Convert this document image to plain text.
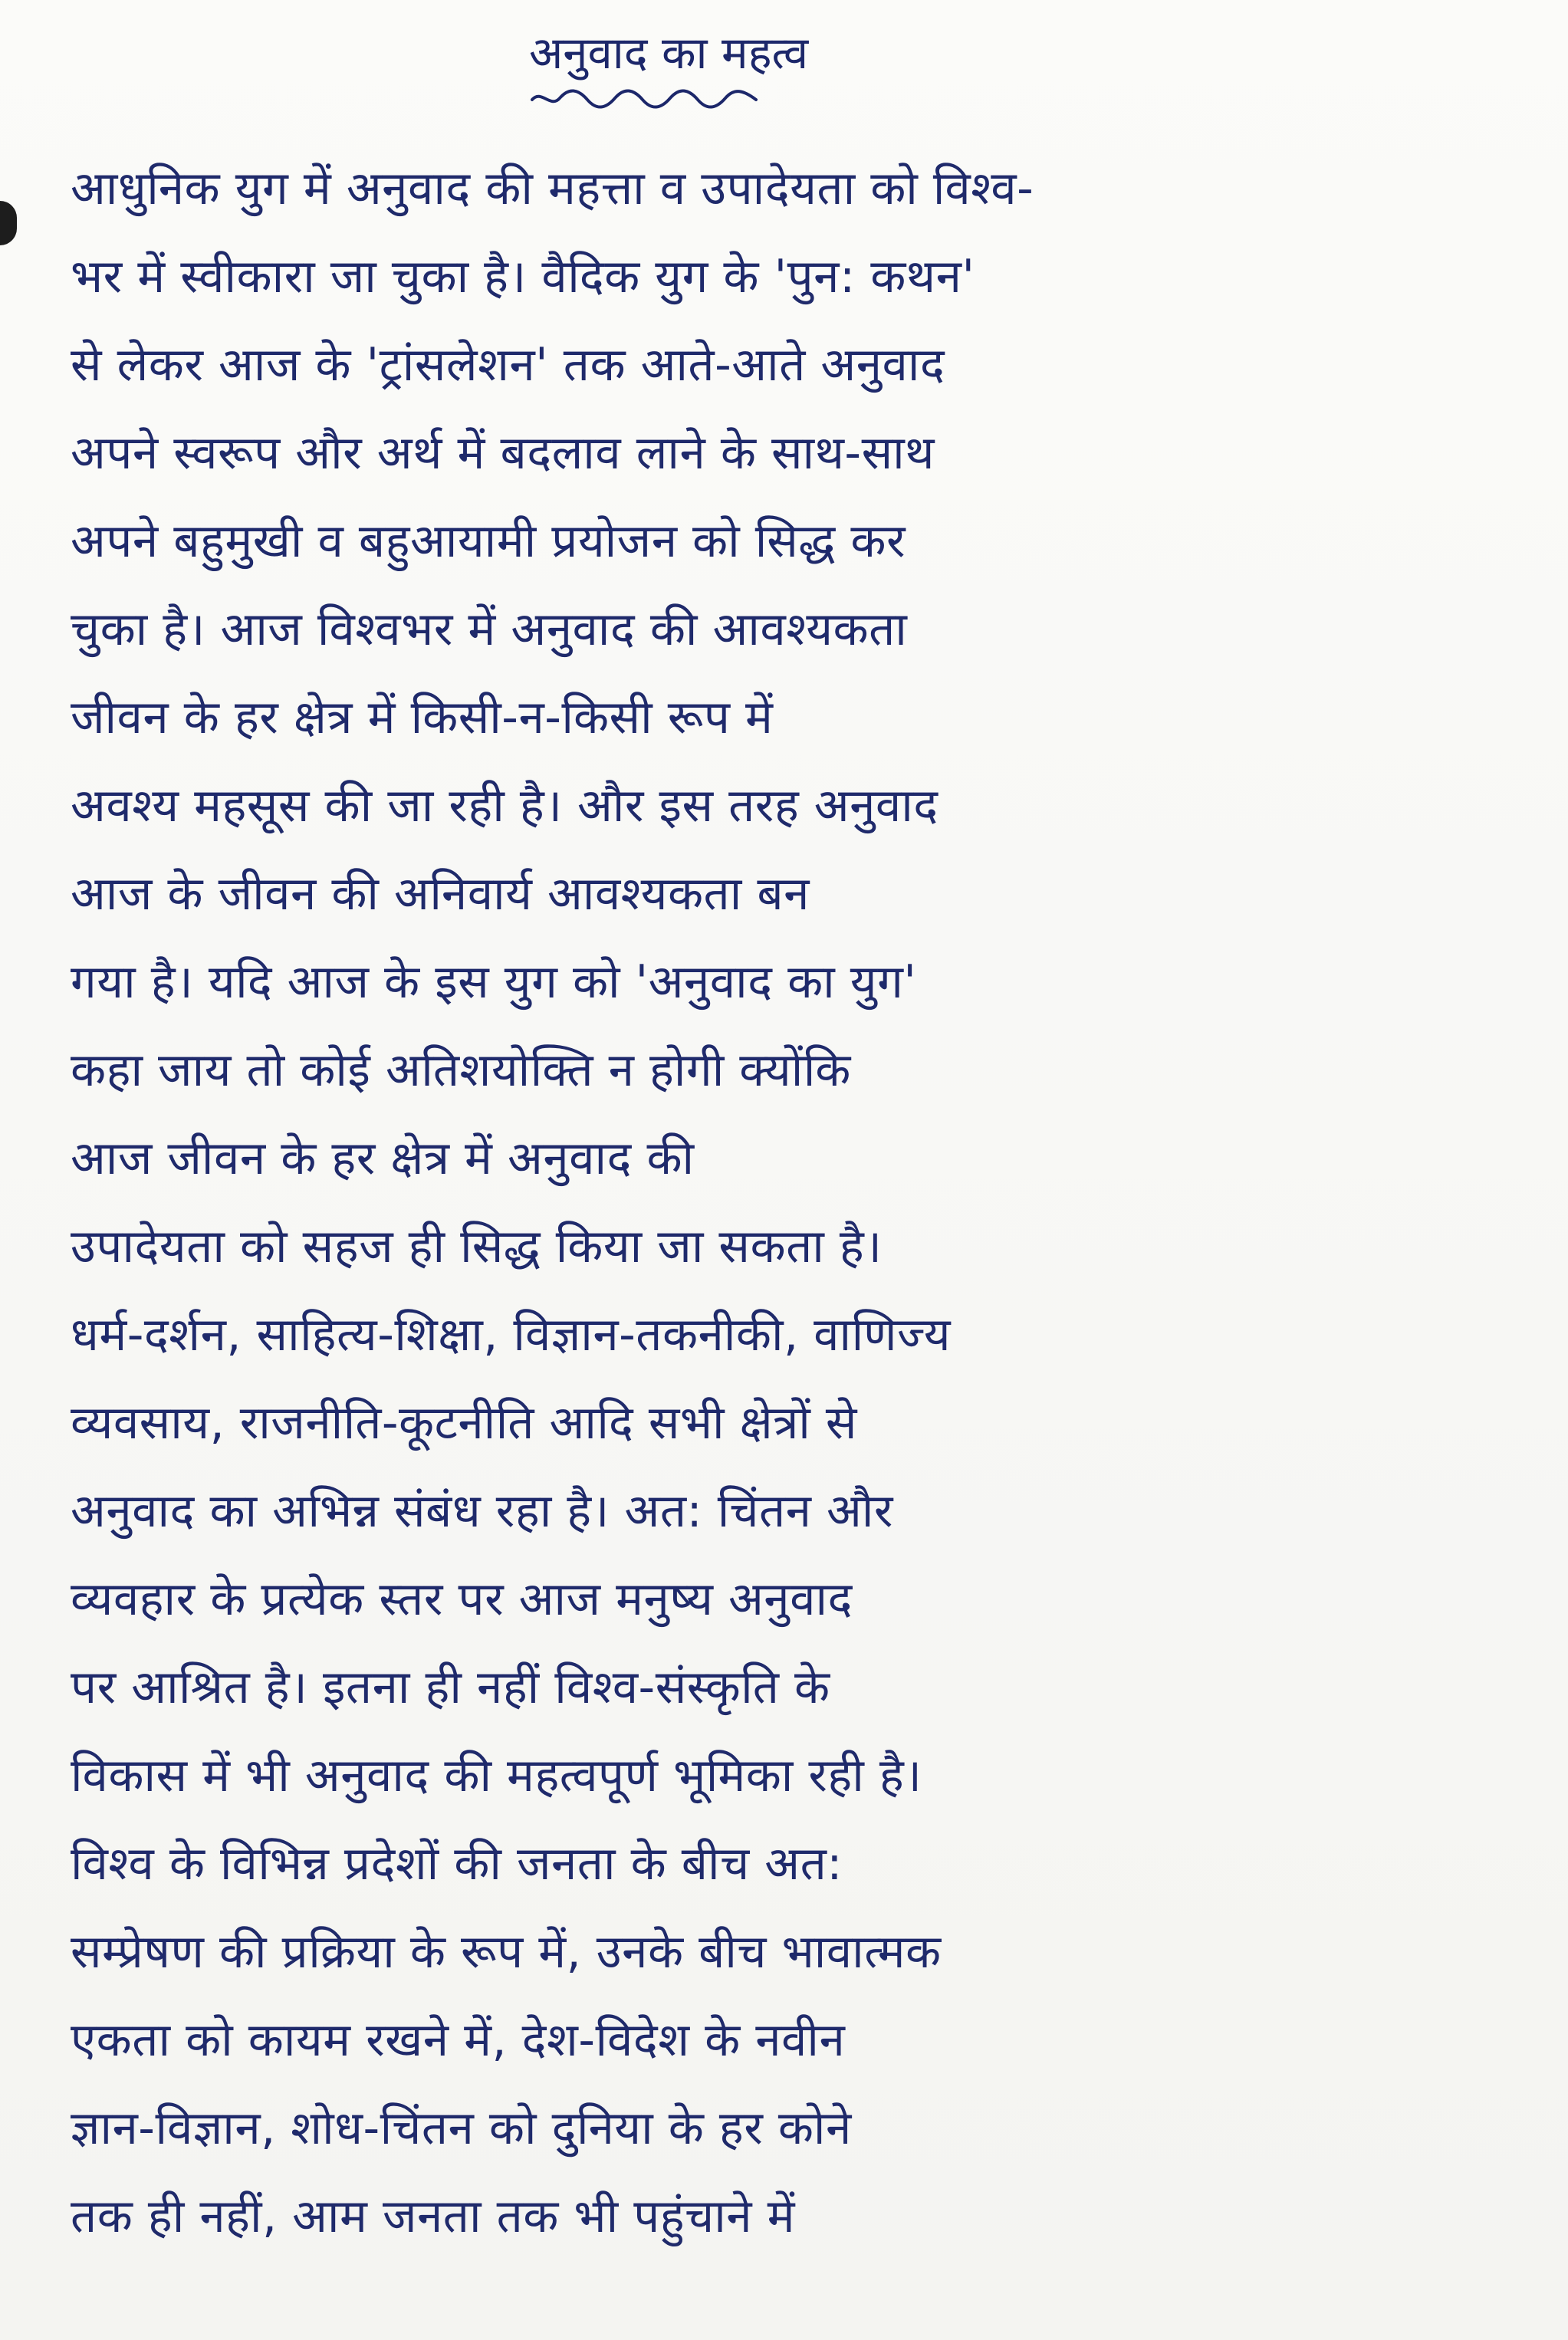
अनुवाद का महत्व
आधुनिक युग में अनुवाद की महत्ता व उपादेयता को विश्व-
भर में स्वीकारा जा चुका है। वैदिक युग के 'पुन: कथन'
से लेकर आज के 'ट्रांसलेशन' तक आते-आते अनुवाद
अपने स्वरूप और अर्थ में बदलाव लाने के साथ-साथ
अपने बहुमुखी व बहुआयामी प्रयोजन को सिद्ध कर
चुका है। आज विश्वभर में अनुवाद की आवश्यकता
जीवन के हर क्षेत्र में किसी-न-किसी रूप में
अवश्य महसूस की जा रही है। और इस तरह अनुवाद
आज के जीवन की अनिवार्य आवश्यकता बन
गया है। यदि आज के इस युग को 'अनुवाद का युग'
कहा जाय तो कोई अतिशयोक्ति न होगी क्योंकि
आज जीवन के हर क्षेत्र में अनुवाद की
उपादेयता को सहज ही सिद्ध किया जा सकता है।
धर्म-दर्शन, साहित्य-शिक्षा, विज्ञान-तकनीकी, वाणिज्य
व्यवसाय, राजनीति-कूटनीति आदि सभी क्षेत्रों से
अनुवाद का अभिन्न संबंध रहा है। अत: चिंतन और
व्यवहार के प्रत्येक स्तर पर आज मनुष्य अनुवाद
पर आश्रित है। इतना ही नहीं विश्व-संस्कृति के
विकास में भी अनुवाद की महत्वपूर्ण भूमिका रही है।
विश्व के विभिन्न प्रदेशों की जनता के बीच अत:
सम्प्रेषण की प्रक्रिया के रूप में, उनके बीच भावात्मक
एकता को कायम रखने में, देश-विदेश के नवीन
ज्ञान-विज्ञान, शोध-चिंतन को दुनिया के हर कोने
तक ही नहीं, आम जनता तक भी पहुंचाने में
